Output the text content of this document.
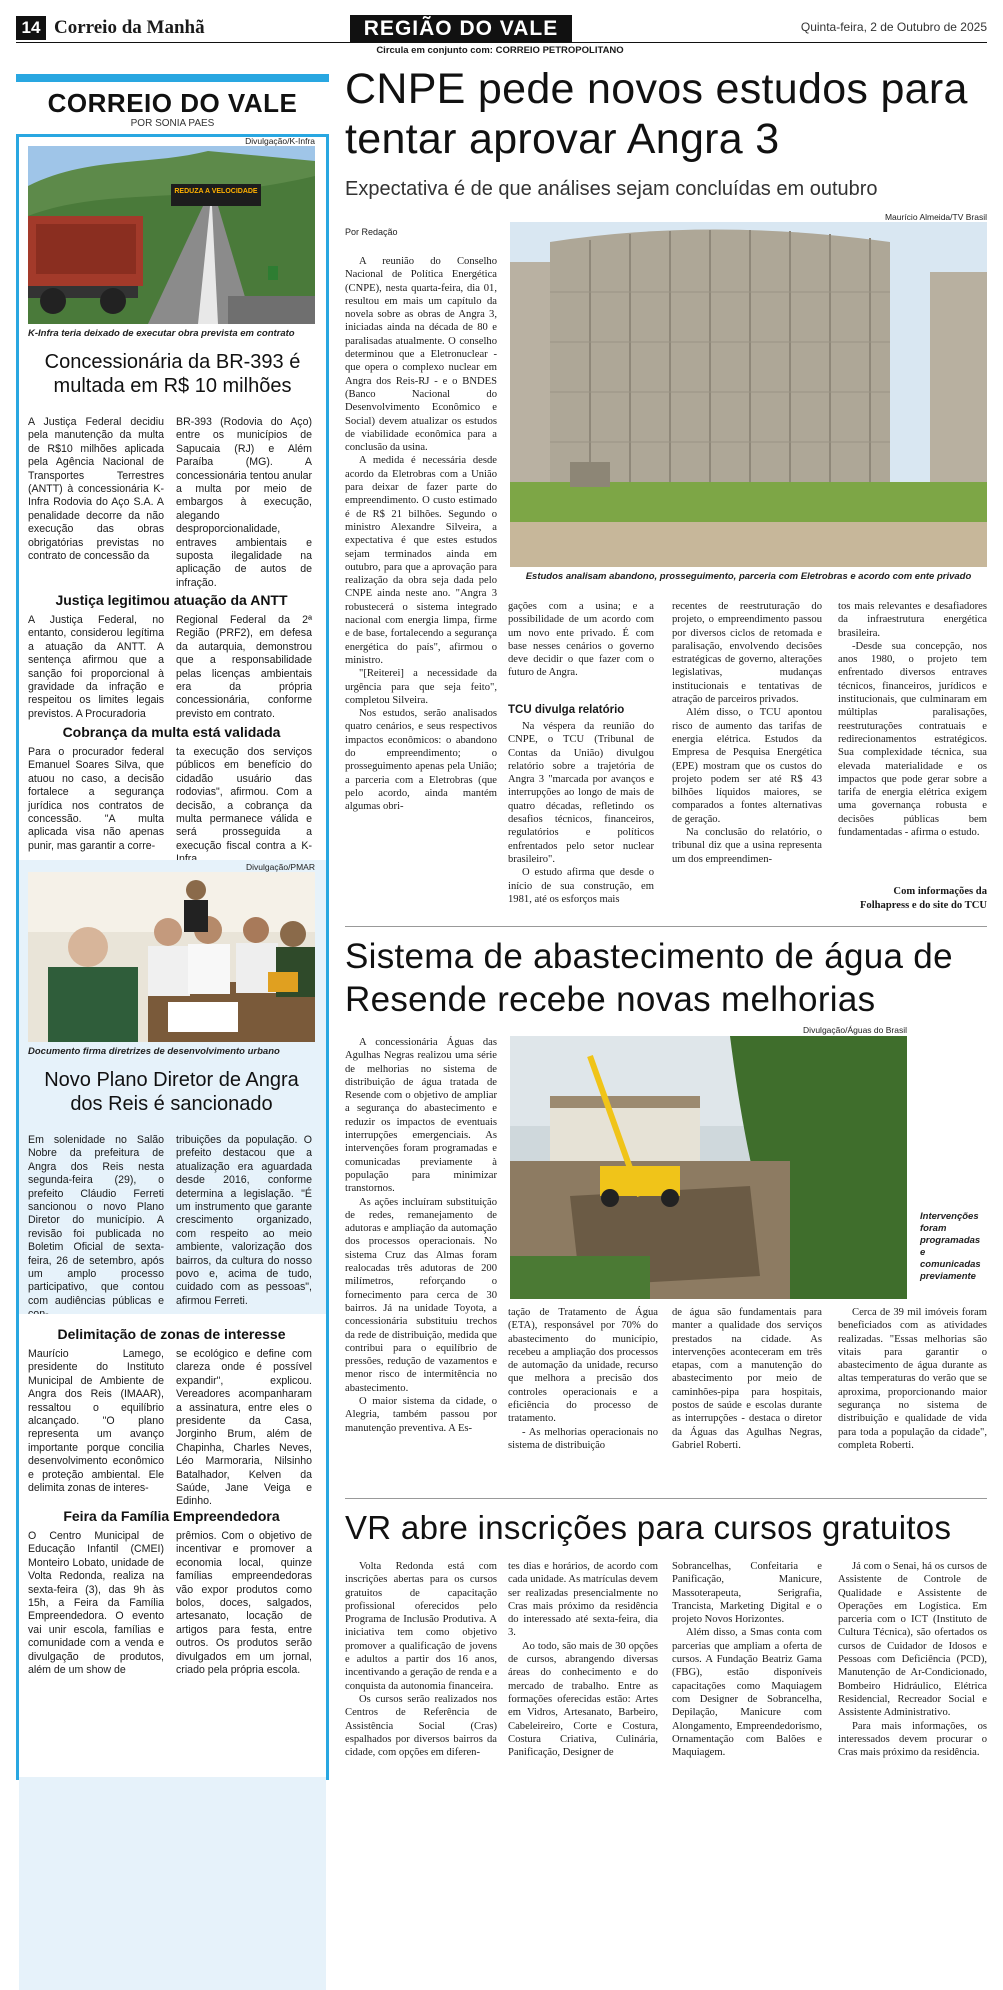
14 Correio da Manhã	REGIÃO DO VALE	Quinta-feira, 2 de Outubro de 2025
Circula em conjunto com: CORREIO PETROPOLITANO
CORREIO DO VALE
POR SONIA PAES
Divulgação/K-Infra
REDUZA A VELOCIDADE
K-Infra teria deixado de executar obra prevista em contrato
Concessionária da BR-393 é multada em R$ 10 milhões

A Justiça Federal decidiu pela manutenção da multa de R$10 milhões aplicada pela Agência Nacional de Transportes Terrestres (ANTT) à concessionária K-Infra Rodovia do Aço S.A. A penalidade decorre da não execução das obras obrigatórias previstas no contrato de concessão da

BR-393 (Rodovia do Aço) entre os municípios de Sapucaia (RJ) e Além Paraíba (MG). A concessionária tentou anular a multa por meio de embargos à execução, alegando desproporcionalidade, entraves ambientais e suposta ilegalidade na aplicação de autos de infração.

Justiça legitimou atuação da ANTT

A Justiça Federal, no entanto, considerou legítima a atuação da ANTT. A sentença afirmou que a sanção foi proporcional à gravidade da infração e respeitou os limites legais previstos. A Procuradoria

Regional Federal da 2ª Região (PRF2), em defesa da autarquia, demonstrou que a responsabilidade pelas licenças ambientais era da própria concessionária, conforme previsto em contrato.

Cobrança da multa está validada

Para o procurador federal Emanuel Soares Silva, que atuou no caso, a decisão fortalece a segurança jurídica nos contratos de concessão. "A multa aplicada visa não apenas punir, mas garantir a corre-

ta execução dos serviços públicos em benefício do cidadão usuário das rodovias", afirmou. Com a decisão, a cobrança da multa permanece válida e será prosseguida a execução fiscal contra a K-

Divulgação/PMAR
Documento firma diretrizes de desenvolvimento urbano
Novo Plano Diretor de Angra dos Reis é sancionado

Em solenidade no Salão Nobre da prefeitura de Angra dos Reis nesta segunda-feira (29), o prefeito Cláudio Ferreti sancionou o novo Plano Diretor do município. A revisão foi publicada no Boletim Oficial de sexta-feira, 26 de setembro, após um amplo processo participativo, que contou com audiências públicas e

tribuições da população. O prefeito destacou que a atualização era aguardada desde 2016, conforme determina a legislação. "É um instrumento que garante crescimento organizado, com respeito ao meio ambiente, valorização dos bairros, da cultura do nosso povo e, acima de tudo, cuidado com as pessoas", afirmou Ferreti.

Delimitação de zonas de interesse

Maurício Lamego, presidente do Instituto Municipal de Ambiente de Angra dos Reis (IMAAR), ressaltou o equilíbrio alcançado. "O plano representa um avanço importante porque concilia desenvolvimento econômico e proteção ambiental. Ele delimita zonas de interes-

se ecológico e define com clareza onde é possível expandir", explicou. Vereadores acompanharam a assinatura, entre eles o presidente da Casa, Jorginho Brum, além de Chapinha, Charles Neves, Léo Marmoraria, Nilsinho Batalhador, Kelven da Saúde, Jane Veiga e Edinho.

Feira da Família Empreendedora

O Centro Municipal de Educação Infantil (CMEI) Monteiro Lobato, unidade de Volta Redonda, realiza na sexta-feira (3), das 9h às 15h, a Feira da Família Empreendedora. O evento vai unir escola, famílias e comunidade com a venda e divulgação de produtos, além de um show de

prêmios. Com o objetivo de incentivar e promover a economia local, quinze famílias empreendedoras vão expor produtos como bolos, doces, salgados, artesanato, locação de artigos para festa, entre outros. Os produtos serão divulgados em um jornal, criado pela própria escola.

CNPE pede novos estudos para tentar aprovar Angra 3
Expectativa é de que análises sejam concluídas em outubro
Maurício Almeida/TV Brasil
Estudos analisam abandono, prosseguimento, parceria com Eletrobras e acordo com ente privado
Por Redação

A reunião do Conselho Nacional de Política Energética (CNPE), nesta quarta-feira, dia 01, resultou em mais um capítulo da novela sobre as obras de Angra 3, iniciadas ainda na década de 80 e paralisadas atualmente. O conselho determinou que a Eletronuclear - que opera o complexo nuclear em Angra dos Reis-RJ - e o BNDES (Banco Nacional do Desenvolvimento Econômico e Social) devem atualizar os estudos de viabilidade econômica para a conclusão da usina.

A medida é necessária desde acordo da Eletrobras com a União para deixar de fazer parte do empreendimento. O custo estimado é de R$ 21 bilhões. Segundo o ministro Alexandre Silveira, a expectativa é que estes estudos sejam terminados ainda em outubro, para que a aprovação para realização da obra seja dada pelo CNPE ainda neste ano. "Angra 3 robustecerá o sistema integrado nacional com energia limpa, firme e de base, fortalecendo a segurança energética do país", afirmou o ministro.

"[Reiterei] a necessidade da urgência para que seja feito", completou Silveira.

Nos estudos, serão analisados quatro cenários, e seus respectivos impactos econômicos: o abandono do empreendimento; o prosseguimento apenas pela União; a parceria com a Eletrobras (que pelo acordo, ainda mantém algumas obri-

gações com a usina; e a possibilidade de um acordo com um novo ente privado. É com base nesses cenários o governo deve decidir o que fazer com o futuro de Angra.

TCU divulga relatório

Na véspera da reunião do CNPE, o TCU (Tribunal de Contas da União) divulgou relatório sobre a trajetória de Angra 3 "marcada por avanços e interrupções ao longo de mais de quatro décadas, refletindo os desafios técnicos, financeiros, regulatórios e políticos enfrentados pelo setor nuclear brasileiro".

O estudo afirma que desde o início de sua construção, em 1981, até os esforços mais

recentes de reestruturação do projeto, o empreendimento passou por diversos ciclos de retomada e paralisação, envolvendo decisões estratégicas de governo, alterações legislativas, mudanças institucionais e tentativas de atração de parceiros privados.

Além disso, o TCU apontou risco de aumento das tarifas de energia elétrica. Estudos da Empresa de Pesquisa Energética (EPE) mostram que os custos do projeto podem ser até R$ 43 bilhões líquidos maiores, se comparados a fontes alternativas de geração.

Na conclusão do relatório, o tribunal diz que a usina representa um dos empreendimen-

tos mais relevantes e desafiadores da infraestrutura energética brasileira.

-Desde sua concepção, nos anos 1980, o projeto tem enfrentado diversos entraves técnicos, financeiros, jurídicos e institucionais, que culminaram em múltiplas paralisações, reestruturações contratuais e redirecionamentos estratégicos. Sua complexidade técnica, sua elevada materialidade e os impactos que pode gerar sobre a tarifa de energia elétrica exigem uma governança robusta e decisões públicas bem fundamentadas - afirma o estudo.

Com informações da
Folhapress e do site do TCU
Sistema de abastecimento de água de Resende recebe novas melhorias
Divulgação/Águas do Brasil
Intervenções foram programadas e comunicadas previamente

A concessionária Águas das Agulhas Negras realizou uma série de melhorias no sistema de distribuição de água tratada de Resende com o objetivo de ampliar a segurança do abastecimento e reduzir os impactos de eventuais interrupções emergenciais. As intervenções foram programadas e comunicadas previamente à população para minimizar transtornos.

As ações incluíram substituição de redes, remanejamento de adutoras e ampliação da automação dos processos operacionais. No sistema Cruz das Almas foram realocadas três adutoras de 200 milímetros, reforçando o fornecimento para cerca de 30 bairros. Já na unidade Toyota, a concessionária substituiu trechos da rede de distribuição, medida que contribui para o equilíbrio de pressões, redução de vazamentos e menor risco de intermitência no abastecimento.

O maior sistema da cidade, o Alegria, também passou por manutenção preventiva. A Es-

tação de Tratamento de Água (ETA), responsável por 70% do abastecimento do município, recebeu a ampliação dos processos de automação da unidade, recurso que melhora a precisão dos controles operacionais e a eficiência do processo de tratamento.

- As melhorias operacionais no sistema de distribuição

de água são fundamentais para manter a qualidade dos serviços prestados na cidade. As intervenções aconteceram em três etapas, com a manutenção do abastecimento por meio de caminhões-pipa para hospitais, postos de saúde e escolas durante as interrupções - destaca o diretor da Águas das Agulhas Negras, Gabriel Roberti.

Cerca de 39 mil imóveis foram beneficiados com as atividades realizadas. "Essas melhorias são vitais para garantir o abastecimento de água durante as altas temperaturas do verão que se aproxima, proporcionando maior segurança no sistema de distribuição e qualidade de vida para toda a população da cidade", completa Roberti.

VR abre inscrições para cursos gratuitos

Volta Redonda está com inscrições abertas para os cursos gratuitos de capacitação profissional oferecidos pelo Programa de Inclusão Produtiva. A iniciativa tem como objetivo promover a qualificação de jovens e adultos a partir dos 16 anos, incentivando a geração de renda e a conquista da autonomia financeira.

Os cursos serão realizados nos Centros de Referência de Assistência Social (Cras) espalhados por diversos bairros da cidade, com opções em diferen-

tes dias e horários, de acordo com cada unidade. As matrículas devem ser realizadas presencialmente no Cras mais próximo da residência do interessado até sexta-feira, dia 3.

Ao todo, são mais de 30 opções de cursos, abrangendo diversas áreas do conhecimento e do mercado de trabalho. Entre as formações oferecidas estão: Artes em Vidros, Artesanato, Barbeiro, Cabeleireiro, Corte e Costura, Costura Criativa, Culinária, Panificação, Designer de

Sobrancelhas, Confeitaria e Panificação, Manicure, Massoterapeuta, Serigrafia, Trancista, Marketing Digital e o projeto Novos Horizontes.

Além disso, a Smas conta com parcerias que ampliam a oferta de cursos. A Fundação Beatriz Gama (FBG), estão disponíveis capacitações como Maquiagem com Designer de Sobrancelha, Depilação, Manicure com Alongamento, Empreendedorismo, Ornamentação com Balões e Maquiagem.

Já com o Senai, há os cursos de Assistente de Controle de Qualidade e Assistente de Operações em Logística. Em parceria com o ICT (Instituto de Cultura Técnica), são ofertados os cursos de Cuidador de Idosos e Pessoas com Deficiência (PCD), Manutenção de Ar-Condicionado, Bombeiro Hidráulico, Elétrica Residencial, Recreador Social e Assistente Administrativo.

Para mais informações, os interessados devem procurar o Cras mais próximo da residência.
